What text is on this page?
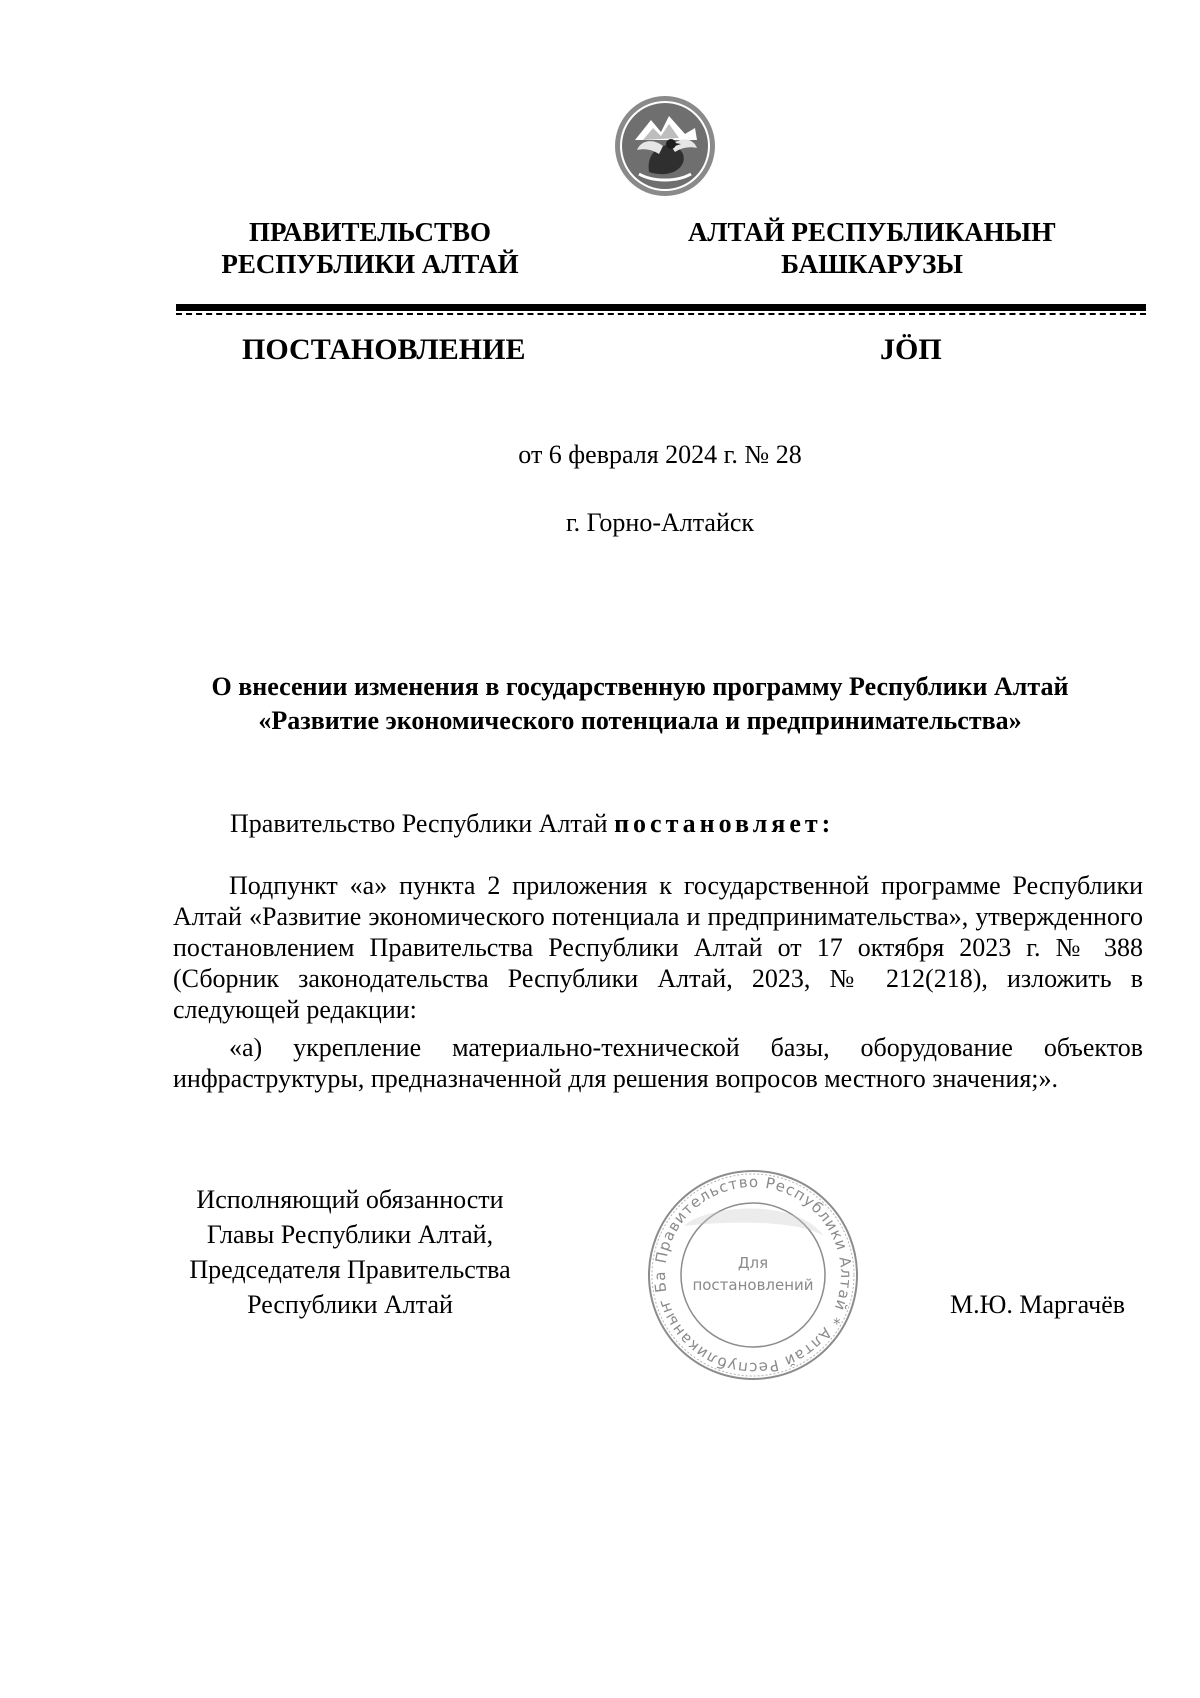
ПРАВИТЕЛЬСТВО
РЕСПУБЛИКИ АЛТАЙ
АЛТАЙ РЕСПУБЛИКАНЫҤ
БАШКАРУЗЫ
ПОСТАНОВЛЕНИЕ	JÖП
от 6 февраля 2024 г. № 28
г. Горно-Алтайск
О внесении изменения в государственную программу Республики Алтай
«Развитие экономического потенциала и предпринимательства»
Правительство Республики Алтай постановляет:
Подпункт «а» пункта 2 приложения к государственной программе Республики Алтай «Развитие экономического потенциала и предпринимательства», утвержденного постановлением Правительства Республики Алтай от 17 октября 2023 г. № 388 (Сборник законодательства Республики Алтай, 2023, № 212(218), изложить в следующей редакции:
«а) укрепление материально-технической базы, оборудование объектов инфраструктуры, предназначенной для решения вопросов местного значения;».
Исполняющий обязанности
Главы Республики Алтай,
Председателя Правительства
Республики Алтай
Правительство Республики Алтай * Алтай Республиканыҥ Ба
Для
постановлений
М.Ю. Маргачёв
